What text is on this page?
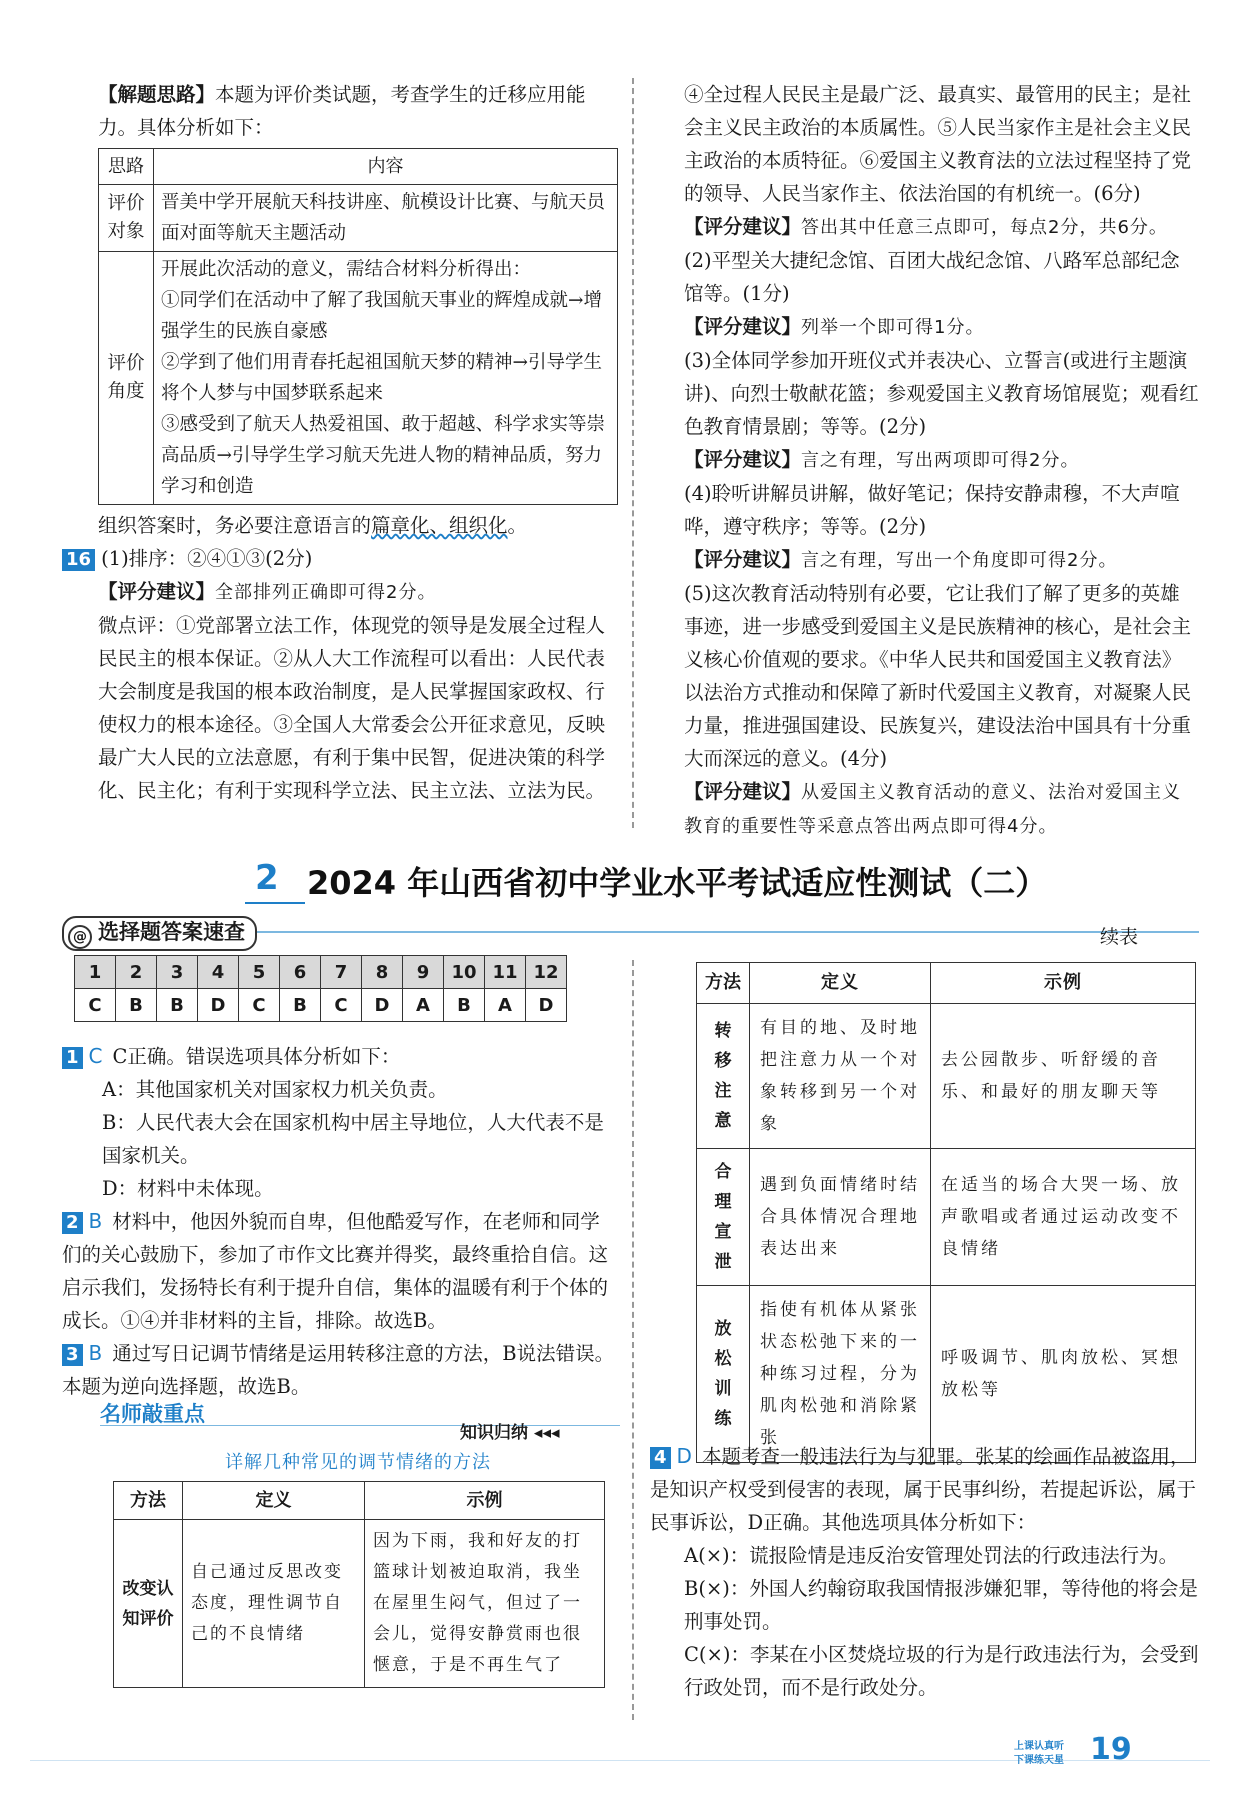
【解题思路】本题为评价类试题，考查学生的迁移应用能力。具体分析如下：
思路	内容
评价对象	晋美中学开展航天科技讲座、航模设计比赛、与航天员面对面等航天主题活动
评价角度	开展此次活动的意义，需结合材料分析得出：
①同学们在活动中了解了我国航天事业的辉煌成就→增强学生的民族自豪感
②学到了他们用青春托起祖国航天梦的精神→引导学生将个人梦与中国梦联系起来
③感受到了航天人热爱祖国、敢于超越、科学求实等崇高品质→引导学生学习航天先进人物的精神品质，努力学习和创造
组织答案时，务必要注意语言的篇章化、组织化。
16 (1)排序：②④①③(2分)
【评分建议】全部排列正确即可得2分。
微点评：①党部署立法工作，体现党的领导是发展全过程人民民主的根本保证。②从人大工作流程可以看出：人民代表大会制度是我国的根本政治制度，是人民掌握国家政权、行使权力的根本途径。③全国人大常委会公开征求意见，反映最广大人民的立法意愿，有利于集中民智，促进决策的科学化、民主化；有利于实现科学立法、民主立法、立法为民。
④全过程人民民主是最广泛、最真实、最管用的民主；是社会主义民主政治的本质属性。⑤人民当家作主是社会主义民主政治的本质特征。⑥爱国主义教育法的立法过程坚持了党的领导、人民当家作主、依法治国的有机统一。(6分)
【评分建议】答出其中任意三点即可，每点2分，共6分。
(2)平型关大捷纪念馆、百团大战纪念馆、八路军总部纪念馆等。(1分)
【评分建议】列举一个即可得1分。
(3)全体同学参加开班仪式并表决心、立誓言(或进行主题演讲)、向烈士敬献花篮；参观爱国主义教育场馆展览；观看红色教育情景剧；等等。(2分)
【评分建议】言之有理，写出两项即可得2分。
(4)聆听讲解员讲解，做好笔记；保持安静肃穆，不大声喧哗，遵守秩序；等等。(2分)
【评分建议】言之有理，写出一个角度即可得2分。
(5)这次教育活动特别有必要，它让我们了解了更多的英雄事迹，进一步感受到爱国主义是民族精神的核心，是社会主义核心价值观的要求。《中华人民共和国爱国主义教育法》以法治方式推动和保障了新时代爱国主义教育，对凝聚人民力量，推进强国建设、民族复兴，建设法治中国具有十分重大而深远的意义。(4分)
【评分建议】从爱国主义教育活动的意义、法治对爱国主义教育的重要性等采意点答出两点即可得4分。
2 2024 年山西省初中学业水平考试适应性测试（二）
@ 选择题答案速查	续表
1	2	3	4	5	6	7	8	9	10	11	12
C	B	B	D	C	B	C	D	A	B	A	D
1 C C正确。错误选项具体分析如下：
A：其他国家机关对国家权力机关负责。
B：人民代表大会在国家机构中居主导地位，人大代表不是国家机关。
D：材料中未体现。
2 B 材料中，他因外貌而自卑，但他酷爱写作，在老师和同学们的关心鼓励下，参加了市作文比赛并得奖，最终重拾自信。这启示我们，发扬特长有利于提升自信，集体的温暖有利于个体的成长。①④并非材料的主旨，排除。故选B。
3 B 通过写日记调节情绪是运用转移注意的方法，B说法错误。本题为逆向选择题，故选B。
名师敲重点
知识归纳 ◂◂◂
详解几种常见的调节情绪的方法
方法	定义	示例
改变认知评价	自己通过反思改变态度，理性调节自己的不良情绪	因为下雨，我和好友的打篮球计划被迫取消，我坐在屋里生闷气，但过了一会儿，觉得安静赏雨也很惬意，于是不再生气了
方法	定义	示例
转移注意	有目的地、及时地把注意力从一个对象转移到另一个对象	去公园散步、听舒缓的音乐、和最好的朋友聊天等
合理宣泄	遇到负面情绪时结合具体情况合理地表达出来	在适当的场合大哭一场、放声歌唱或者通过运动改变不良情绪
放松训练	指使有机体从紧张状态松弛下来的一种练习过程，分为肌肉松弛和消除紧张	呼吸调节、肌肉放松、冥想放松等
4 D 本题考查一般违法行为与犯罪。张某的绘画作品被盗用，是知识产权受到侵害的表现，属于民事纠纷，若提起诉讼，属于民事诉讼，D正确。其他选项具体分析如下：
A(×)：谎报险情是违反治安管理处罚法的行政违法行为。
B(×)：外国人约翰窃取我国情报涉嫌犯罪，等待他的将会是刑事处罚。
C(×)：李某在小区焚烧垃圾的行为是行政违法行为，会受到行政处罚，而不是行政处分。
上课认真听
下课练天星 19
